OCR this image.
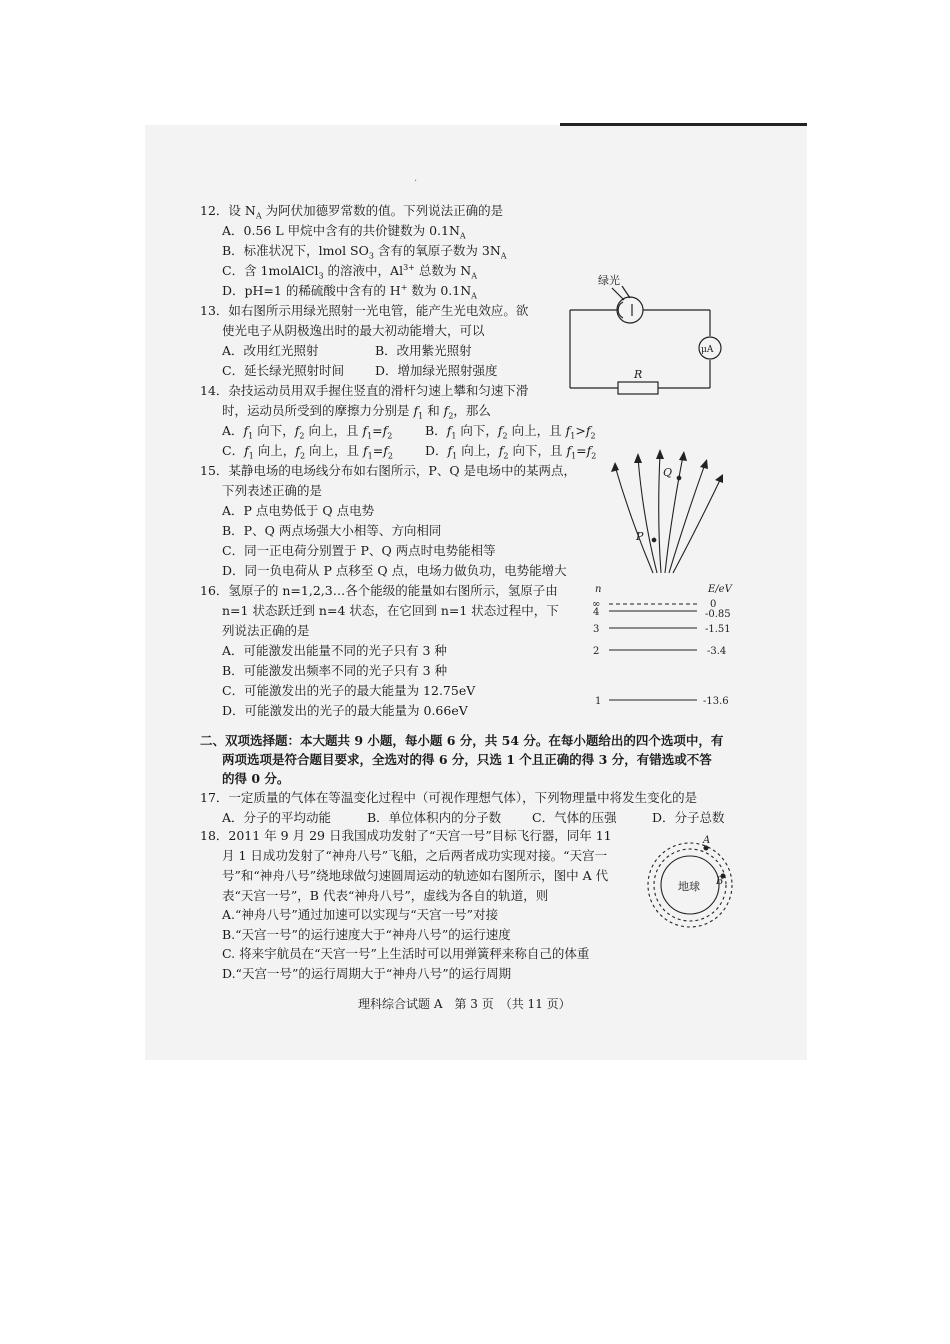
·
12．设 $N_A$ 为阿伏加德罗常数的值。下列说法正确的是
A．0.56 L 甲烷中含有的共价键数为 $0.1N_A$
B．标准状况下，lmol $SO_3$ 含有的氧原子数为 $3N_A$
C．含 1molAlCl$_3$ 的溶液中，$Al^{3+}$ 总数为 $N_A$
D．pH=1 的稀硫酸中含有的 H+ 数为 $0.1N_A$
13．如右图所示用绿光照射一光电管，能产生光电效应。欲
使光电子从阴极逸出时的最大初动能增大，可以
A．改用红光照射	B．改用紫光照射
C．延长绿光照射时间 D．增加绿光照射强度
14．杂技运动员用双手握住竖直的滑杆匀速上攀和匀速下滑
时，运动员所受到的摩擦力分别是 $f_1$ 和 $f_2$，那么
A．$f_1$ 向下，$f_2$ 向上，且 $f_1=f_2$	B．$f_1$ 向下，$f_2$ 向上，且 $f_1>f_2$
C．$f_1$ 向上，$f_2$ 向上，且 $f_1=f_2$	D．$f_1$ 向上，$f_2$ 向下，且 $f_1=f_2$
15．某静电场的电场线分布如右图所示，P、Q 是电场中的某两点，
下列表述正确的是
A．P 点电势低于 Q 点电势
B．P、Q 两点场强大小相等、方向相同
C．同一正电荷分别置于 P、Q 两点时电势能相等
D．同一负电荷从 P 点移至 Q 点，电场力做负功，电势能增大
16．氢原子的 n=1,2,3…各个能级的能量如右图所示，氢原子由
n=1 状态跃迁到 n=4 状态，在它回到 n=1 状态过程中，下
列说法正确的是
A．可能激发出能量不同的光子只有 3 种
B．可能激发出频率不同的光子只有 3 种
C．可能激发出的光子的最大能量为 12.75eV
D．可能激发出的光子的最大能量为 0.66eV
二、双项选择题：本大题共 9 小题，每小题 6 分，共 54 分。在每小题给出的四个选项中，有
两项选项是符合题目要求，全选对的得 6 分，只选 1 个且正确的得 3 分，有错选或不答
的得 0 分。
17．一定质量的气体在等温变化过程中（可视作理想气体），下列物理量中将发生变化的是
A．分子的平均动能	B．单位体积内的分子数 C．气体的压强	D．分子总数
18．2011 年 9 月 29 日我国成功发射了“天宫一号”目标飞行器，同年 11
月 1 日成功发射了“神舟八号”飞船，之后两者成功实现对接。“天宫一
号”和“神舟八号”绕地球做匀速圆周运动的轨迹如右图所示，图中 A 代
表“天宫一号”，B 代表“神舟八号”，虚线为各自的轨道，则
A.“神舟八号”通过加速可以实现与“天宫一号”对接
B.“天宫一号”的运行速度大于“神舟八号”的运行速度
C. 将来宇航员在“天宫一号”上生活时可以用弹簧秤来称自己的体重
D.“天宫一号”的运行周期大于“神舟八号”的运行周期
绿光
μA
R
P
Q
n	E/eV
∞	0
4	-0.85
3	-1.51
2	-3.4
1	-13.6
地球
A
B
理科综合试题 A　第 3 页　（共 11 页）
